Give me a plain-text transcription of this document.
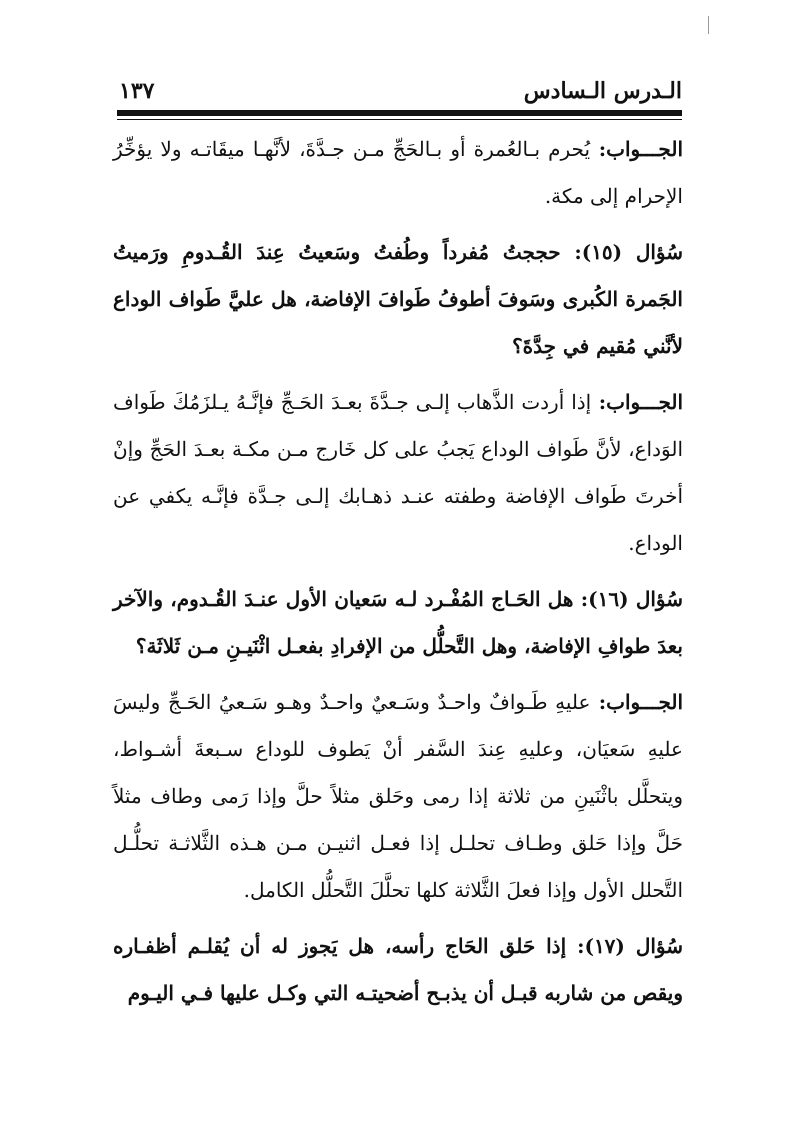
الـدرس الـسادس
١٣٧

الجـــواب: يُحرم بـالعُمرة أو بـالحَجِّ مـن جـدَّةَ، لأنَّهـا ميقَاتـه ولا يؤخِّرُ الإحرام إلى مكة.

سُؤال (١٥): حججتُ مُفرداً وطُفتُ وسَعيتُ عِندَ القُـدومِ ورَميتُ الجَمرة الكُبرى وسَوفَ أطوفُ طَوافَ الإفاضة، هل عليَّ طَواف الوداع لأنَّني مُقيم في جِدَّةَ؟

الجـــواب: إذا أردت الذَّهاب إلـى جـدَّةَ بعـدَ الحَـجِّ فإنَّـهُ يـلزَمُكَ طَواف الوَداع، لأنَّ طَواف الوداع يَجبُ على كل خَارج مـن مكـة بعـدَ الحَجِّ وإنْ أخرتَ طَواف الإفاضة وطفته عنـد ذهـابك إلـى جـدَّة فإنَّـه يكفي عن الوداع.

سُؤال (١٦): هل الحَـاج المُفْـرد لـه سَعيان الأول عنـدَ القُـدوم، والآخر بعدَ طوافِ الإفاضة، وهل التَّحلُّل من الإفرادِ بفعـل اثْنَيـنِ مـن ثَلاثَة؟

الجـــواب: عليهِ طَـوافٌ واحـدٌ وسَـعيٌ واحـدٌ وهـو سَـعيُ الحَـجِّ وليسَ عليهِ سَعيَان، وعليهِ عِندَ السَّفر أنْ يَطوف للوداع سـبعةَ أشـواط، ويتحلَّل باثْنَينِ من ثلاثة إذا رمى وحَلق مثلاً حلَّ وإذا رَمى وطاف مثلاً حَلَّ وإذا حَلق وطـاف تحلـل إذا فعـل اثنيـن مـن هـذه الثَّلاثـة تحلُّـل التَّحلل الأول وإذا فعلَ الثَّلاثة كلها تحلَّلَ التَّحلُّل الكامل.

سُؤال (١٧): إذا حَلق الحَاج رأسه، هل يَجوز له أن يُقلـم أظفـاره ويقص من شاربه قبـل أن يذبـح أضحيتـه التي وكـل عليها فـي اليـوم
